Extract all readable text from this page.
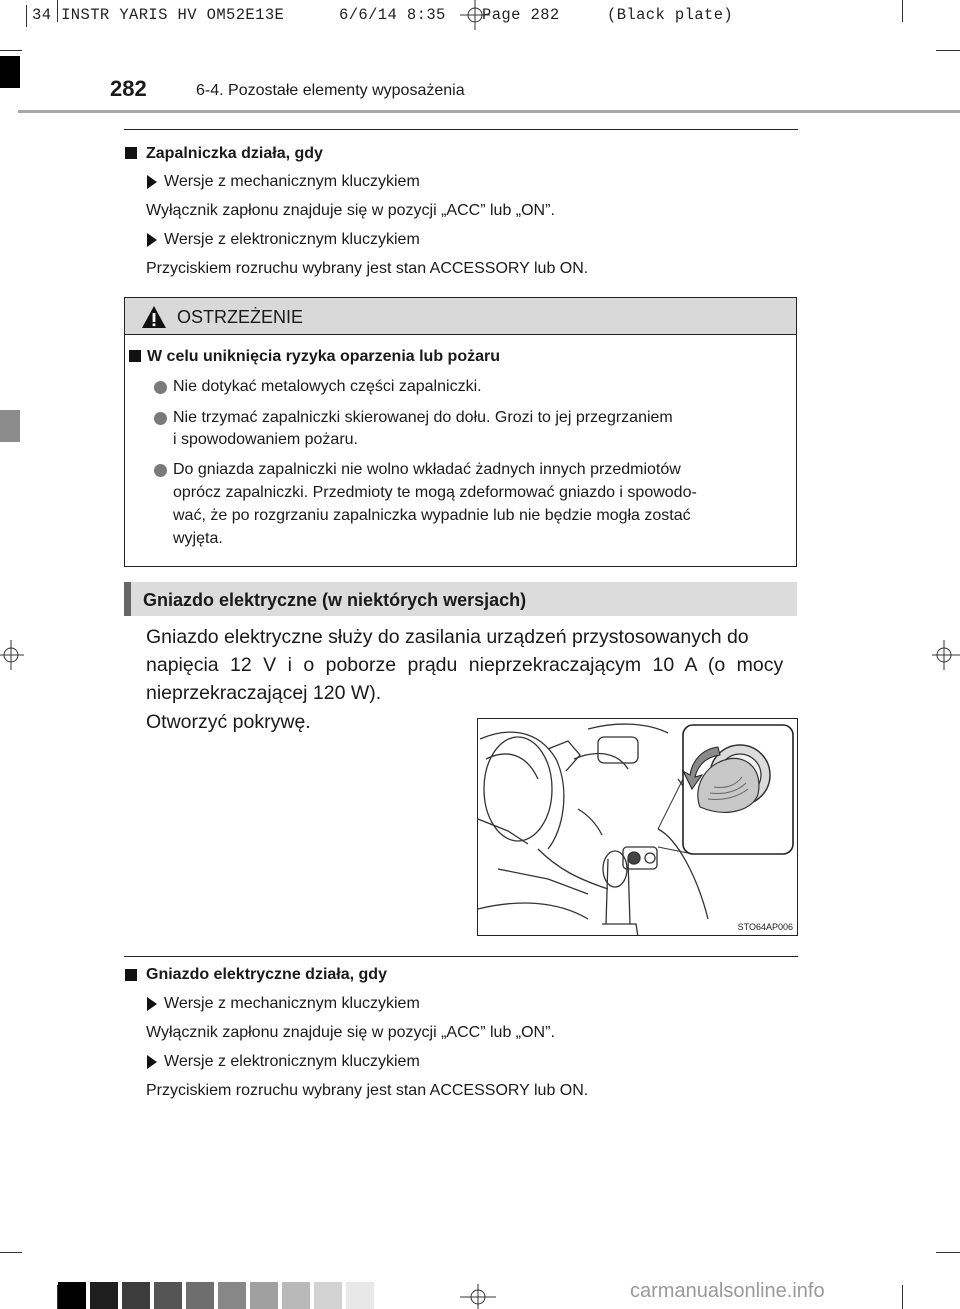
34 INSTR YARIS HV OM52E13E	6/6/14 8:35 Page 282	(Black plate)
282	6-4. Pozostałe elementy wyposażenia
Zapalniczka działa, gdy
Wersje z mechanicznym kluczykiem
Wyłącznik zapłonu znajduje się w pozycji „ACC” lub „ON”.
Wersje z elektronicznym kluczykiem
Przyciskiem rozruchu wybrany jest stan ACCESSORY lub ON.
OSTRZEŻENIE
W celu uniknięcia ryzyka oparzenia lub pożaru
Nie dotykać metalowych części zapalniczki.
Nie trzymać zapalniczki skierowanej do dołu. Grozi to jej przegrzaniem
i spowodowaniem pożaru.
Do gniazda zapalniczki nie wolno wkładać żadnych innych przedmiotów
oprócz zapalniczki. Przedmioty te mogą zdeformować gniazdo i spowodo-
wać, że po rozgrzaniu zapalniczka wypadnie lub nie będzie mogła zostać
wyjęta.
Gniazdo elektryczne (w niektórych wersjach)
Gniazdo elektryczne służy do zasilania urządzeń przystosowanych do
napięcia 12 V i o poborze prądu nieprzekraczającym 10 A (o mocy
nieprzekraczającej 120 W).
Otworzyć pokrywę.
STO64AP006
Gniazdo elektryczne działa, gdy
Wersje z mechanicznym kluczykiem
Wyłącznik zapłonu znajduje się w pozycji „ACC” lub „ON”.
Wersje z elektronicznym kluczykiem
Przyciskiem rozruchu wybrany jest stan ACCESSORY lub ON.
carmanualsonline.info
